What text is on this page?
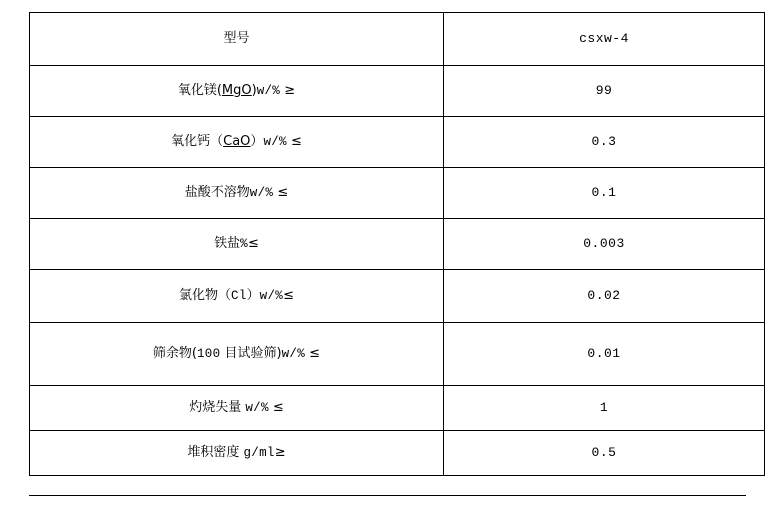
型号	csxw-4
氧化镁(MgO)w/% ≥	99
氧化钙（CaO）w/% ≤	0.3
盐酸不溶物w/% ≤	0.1
铁盐%≤	0.003
氯化物（Cl）w/%≤	0.02
筛余物(100 目试验筛)w/% ≤	0.01
灼烧失量 w/% ≤	1
堆积密度 g/ml≥	0.5
